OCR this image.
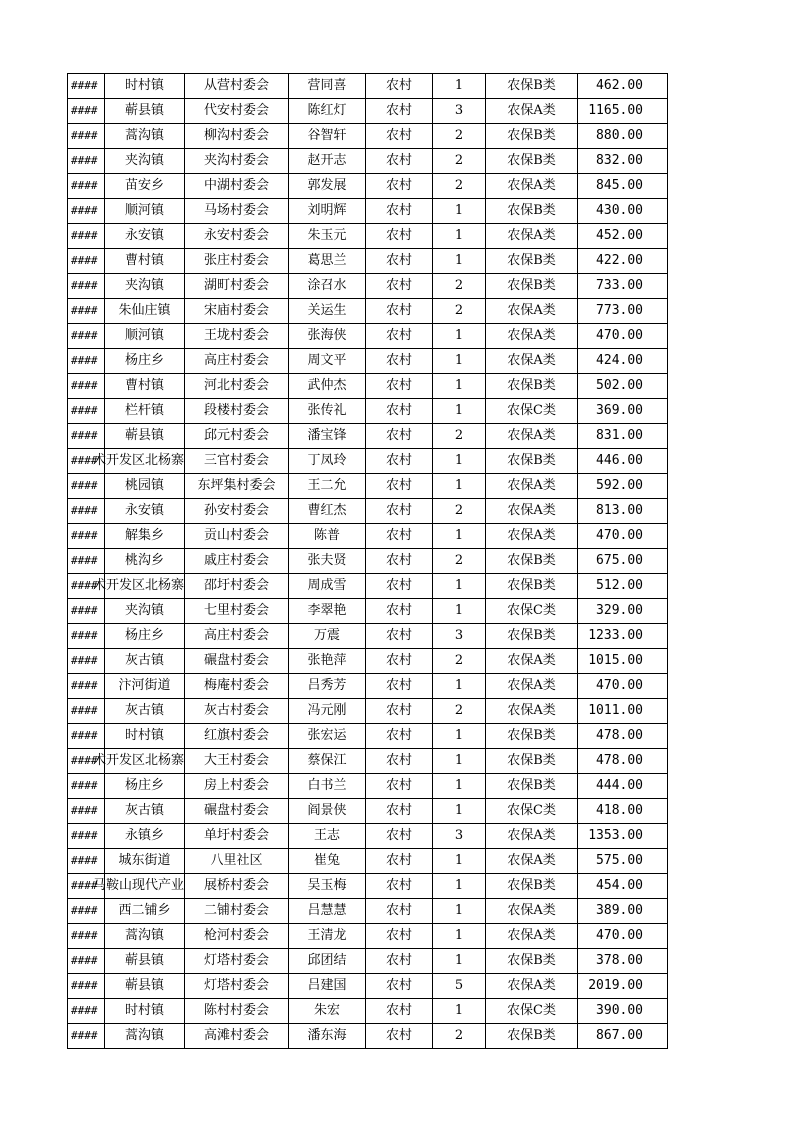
####	时村镇	从营村委会	营同喜	农村	1	农保B类	462.00
####	蕲县镇	代安村委会	陈红灯	农村	3	农保A类	1165.00
####	蒿沟镇	柳沟村委会	谷智轩	农村	2	农保B类	880.00
####	夹沟镇	夹沟村委会	赵开志	农村	2	农保B类	832.00
####	苗安乡	中湖村委会	郭发展	农村	2	农保A类	845.00
####	顺河镇	马场村委会	刘明辉	农村	1	农保B类	430.00
####	永安镇	永安村委会	朱玉元	农村	1	农保A类	452.00
####	曹村镇	张庄村委会	葛思兰	农村	1	农保B类	422.00
####	夹沟镇	湖町村委会	涂召水	农村	2	农保B类	733.00
####	朱仙庄镇	宋庙村委会	关运生	农村	2	农保A类	773.00
####	顺河镇	王垅村委会	张海侠	农村	1	农保A类	470.00
####	杨庄乡	高庄村委会	周文平	农村	1	农保A类	424.00
####	曹村镇	河北村委会	武仲杰	农村	1	农保B类	502.00
####	栏杆镇	段楼村委会	张传礼	农村	1	农保C类	369.00
####	蕲县镇	邱元村委会	潘宝锋	农村	2	农保A类	831.00
####	术开发区北杨寨	三官村委会	丁凤玲	农村	1	农保B类	446.00
####	桃园镇	东坪集村委会	王二允	农村	1	农保A类	592.00
####	永安镇	孙安村委会	曹红杰	农村	2	农保A类	813.00
####	解集乡	贡山村委会	陈普	农村	1	农保A类	470.00
####	桃沟乡	戚庄村委会	张夫贤	农村	2	农保B类	675.00
####	术开发区北杨寨	邵圩村委会	周成雪	农村	1	农保B类	512.00
####	夹沟镇	七里村委会	李翠艳	农村	1	农保C类	329.00
####	杨庄乡	高庄村委会	万震	农村	3	农保B类	1233.00
####	灰古镇	碾盘村委会	张艳萍	农村	2	农保A类	1015.00
####	汴河街道	梅庵村委会	吕秀芳	农村	1	农保A类	470.00
####	灰古镇	灰古村委会	冯元刚	农村	2	农保A类	1011.00
####	时村镇	红旗村委会	张宏运	农村	1	农保B类	478.00
####	术开发区北杨寨	大王村委会	蔡保江	农村	1	农保B类	478.00
####	杨庄乡	房上村委会	白书兰	农村	1	农保B类	444.00
####	灰古镇	碾盘村委会	阎景侠	农村	1	农保C类	418.00
####	永镇乡	单圩村委会	王志	农村	3	农保A类	1353.00
####	城东街道	八里社区	崔兔	农村	1	农保A类	575.00
####	马鞍山现代产业	展桥村委会	吴玉梅	农村	1	农保B类	454.00
####	西二铺乡	二铺村委会	吕慧慧	农村	1	农保A类	389.00
####	蒿沟镇	枪河村委会	王清龙	农村	1	农保A类	470.00
####	蕲县镇	灯塔村委会	邱团结	农村	1	农保B类	378.00
####	蕲县镇	灯塔村委会	吕建国	农村	5	农保A类	2019.00
####	时村镇	陈村村委会	朱宏	农村	1	农保C类	390.00
####	蒿沟镇	高滩村委会	潘东海	农村	2	农保B类	867.00
